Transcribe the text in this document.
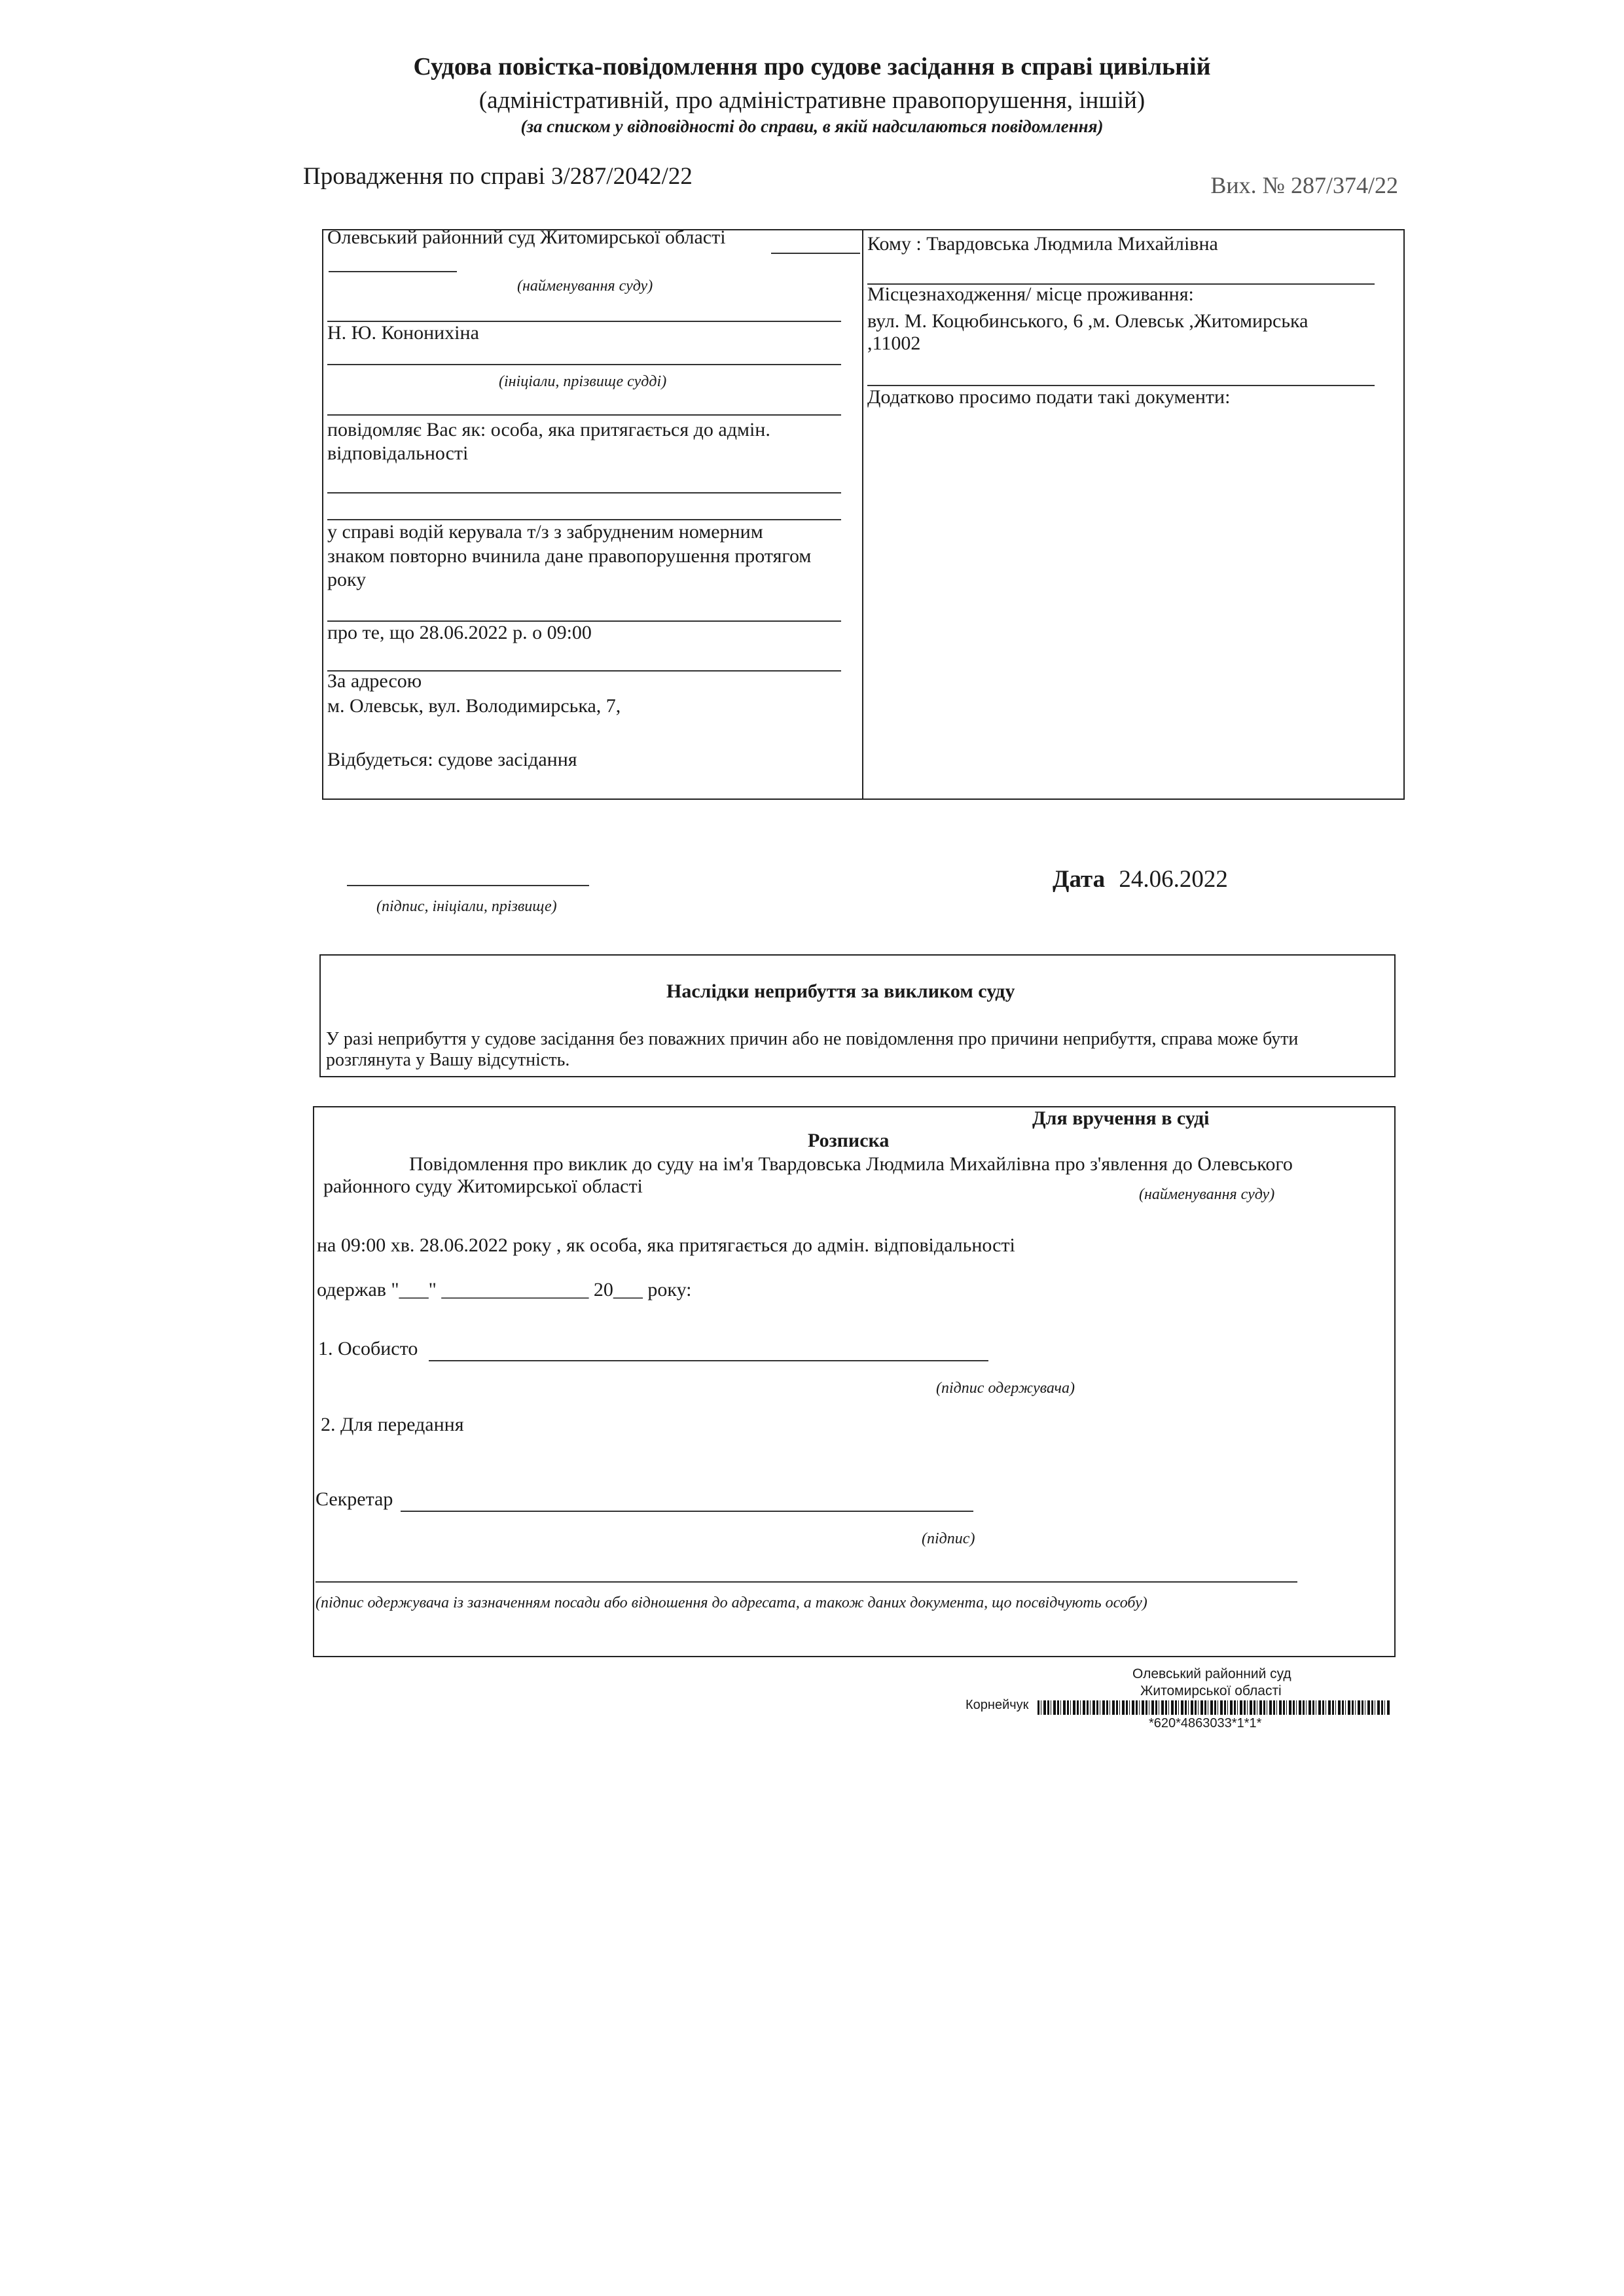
Судова повістка-повідомлення про судове засідання в справі цивільній
(адміністративній, про адміністративне правопорушення, іншій)
(за списком у відповідності до справи, в якій надсилаються повідомлення)
Провадження по справі 3/287/2042/22	Вих. № 287/374/22
Олевський районний суд Житомирської області
(найменування суду)
Н. Ю. Кононихіна
(ініціали, прізвище судді)
повідомляє Вас як: особа, яка притягається до адмін.
відповідальності
у справі водій керувала т/з з забрудненим номерним
знаком повторно вчинила дане правопорушення протягом
року
про те, що 28.06.2022 р. о 09:00
За адресою
м. Олевськ, вул. Володимирська, 7,
Відбудеться: судове засідання
Кому : Твардовська Людмила Михайлівна
Місцезнаходження/ місце проживання:
вул. М. Коцюбинського, 6 ,м. Олевськ ,Житомирська
,11002
Додатково просимо подати такі документи:
(підпис, ініціали, прізвище)
Дата 24.06.2022
Наслідки неприбуття за викликом суду
У разі неприбуття у судове засідання без поважних причин або не повідомлення про причини неприбуття, справа може бути
розглянута у Вашу відсутність.
Для вручення в суді
Розписка
Повідомлення про виклик до суду на ім'я Твардовська Людмила Михайлівна про з'явлення до Олевського
районного суду Житомирської області	(найменування суду)
на 09:00 хв. 28.06.2022 року , як особа, яка притягається до адмін. відповідальності
одержав "___" _______________ 20___ року:
1. Особисто
(підпис одержувача)
2. Для передання
Секретар
(підпис)
(підпис одержувача із зазначенням посади або відношення до адресата, а також даних документа, що посвідчують особу)
Олевський районний суд
Житомирської області
Корнейчук
*620*4863033*1*1*
